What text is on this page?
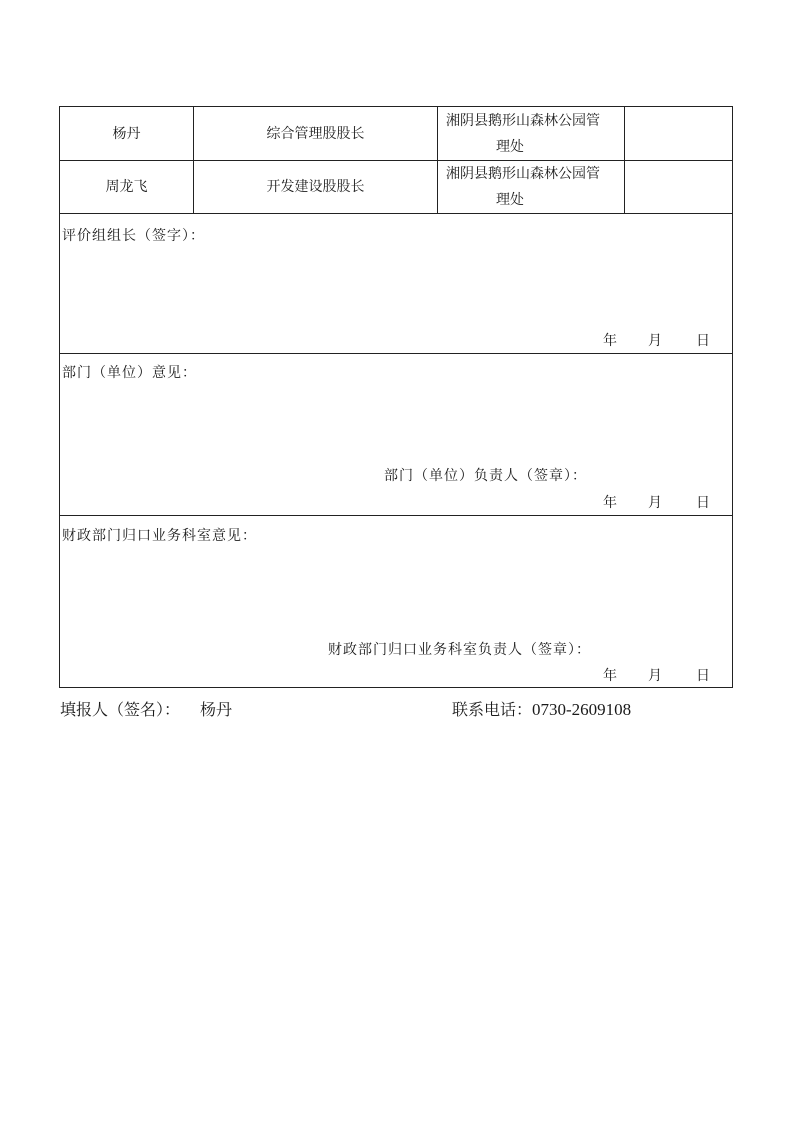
杨丹	综合管理股股长
湘阴县鹅形山森林公园管
理处
周龙飞	开发建设股股长
湘阴县鹅形山森林公园管
理处
评价组组长（签字）：
年 月 日
部门（单位）意见：
部门（单位）负责人（签章）：
年 月 日
财政部门归口业务科室意见：
财政部门归口业务科室负责人（签章）：
年 月 日
填报人（签名）： 杨丹	联系电话：0730-2609108
